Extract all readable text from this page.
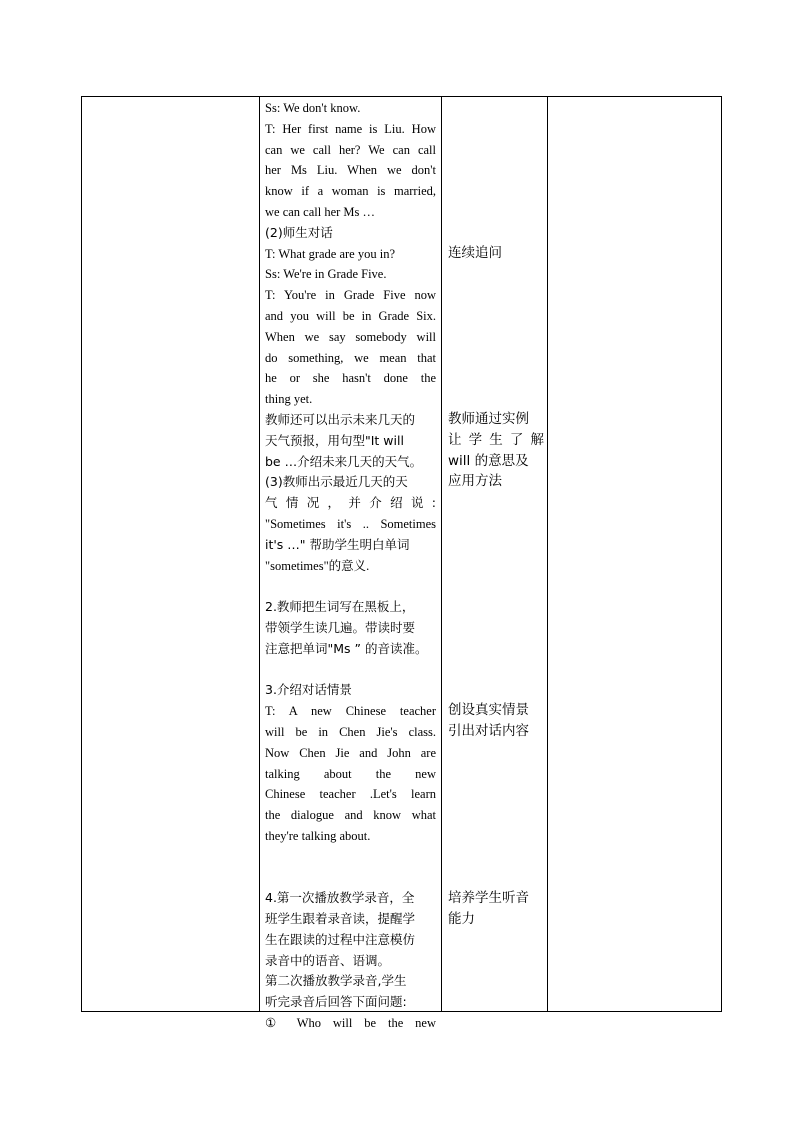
Ss: We don't know.
T: Her first name is Liu. How
can we call her? We can call
her Ms Liu. When we don't
know if a woman is married,
we can call her Ms …
(2)师生对话
T: What grade are you in?
Ss: We're in Grade Five.
T: You're in Grade Five now
and you will be in Grade Six.
When we say somebody will
do something, we mean that
he or she hasn't done the
thing yet.
教师还可以出示未来几天的
天气预报，用句型"It will
be …介绍未来几天的天气。
(3)教师出示最近几天的天
气 情 况 ， 并 介 绍 说 :
"Sometimes it's .. Sometimes
it's …" 帮助学生明白单词
"sometimes"的意义.
2.教师把生词写在黑板上，
带领学生读几遍。带读时要
注意把单词"Ms ” 的音读准。
3.介绍对话情景
T: A new Chinese teacher
will be in Chen Jie's class.
Now Chen Jie and John are
talking about the new
Chinese teacher .Let's learn
the dialogue and know what
they're talking about.
4.第一次播放教学录音，全
班学生跟着录音读，提醒学
生在跟读的过程中注意模仿
录音中的语音、语调。
第二次播放教学录音,学生
听完录音后回答下面问题:
① Who will be the new
连续追问
教师通过实例
让 学 生 了 解
will 的意思及
应用方法
创设真实情景
引出对话内容
培养学生听音
能力
